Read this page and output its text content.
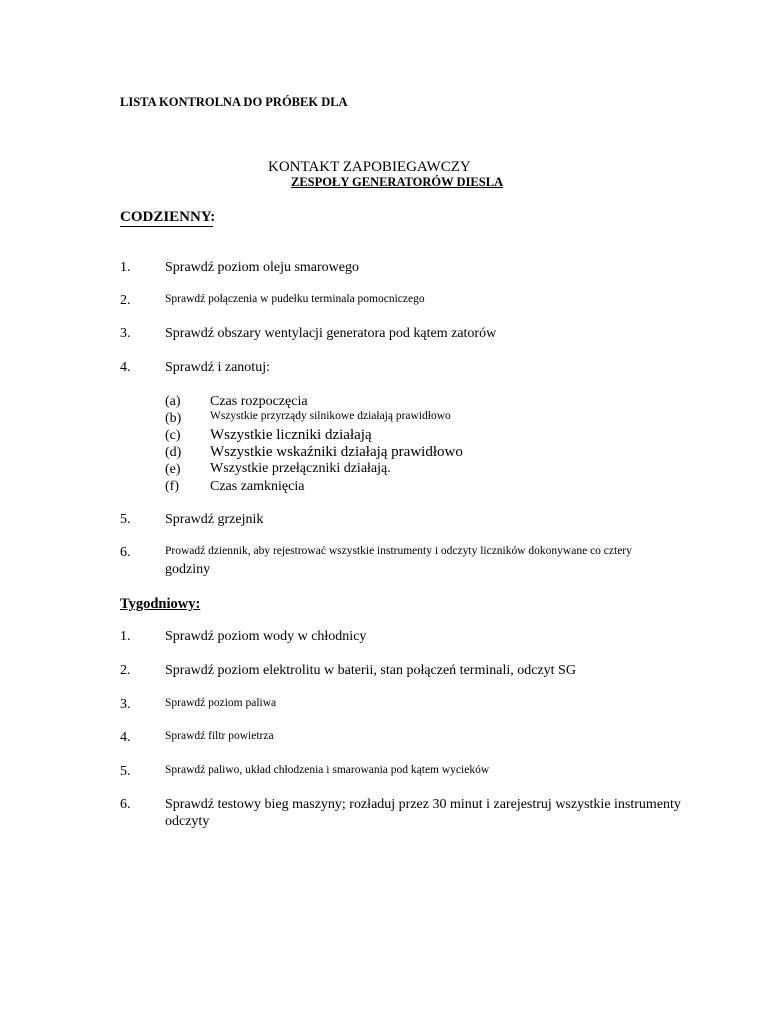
LISTA KONTROLNA DO PRÓBEK DLA
KONTAKT ZAPOBIEGAWCZY
ZESPOŁY GENERATORÓW DIESLA
CODZIENNY:
1. Sprawdź poziom oleju smarowego
2.	Sprawdź połączenia w pudełku terminala pomocniczego
3. Sprawdź obszary wentylacji generatora pod kątem zatorów
4. Sprawdź i zanotuj:
(a) Czas rozpoczęcia
(b) Wszystkie przyrządy silnikowe działają prawidłowo
(c) Wszystkie liczniki działają
(d) Wszystkie wskaźniki działają prawidłowo
(e) Wszystkie przełączniki działają.
(f) Czas zamknięcia
5. Sprawdź grzejnik
6.	Prowadź dziennik, aby rejestrować wszystkie instrumenty i odczyty liczników dokonywane co cztery
godziny
Tygodniowy:
1. Sprawdź poziom wody w chłodnicy
2. Sprawdź poziom elektrolitu w baterii, stan połączeń terminali, odczyt SG
3.	Sprawdź poziom paliwa
4.	Sprawdź filtr powietrza
5.	Sprawdź paliwo, układ chłodzenia i smarowania pod kątem wycieków
6. Sprawdź testowy bieg maszyny; rozładuj przez 30 minut i zarejestruj wszystkie instrumenty
odczyty
